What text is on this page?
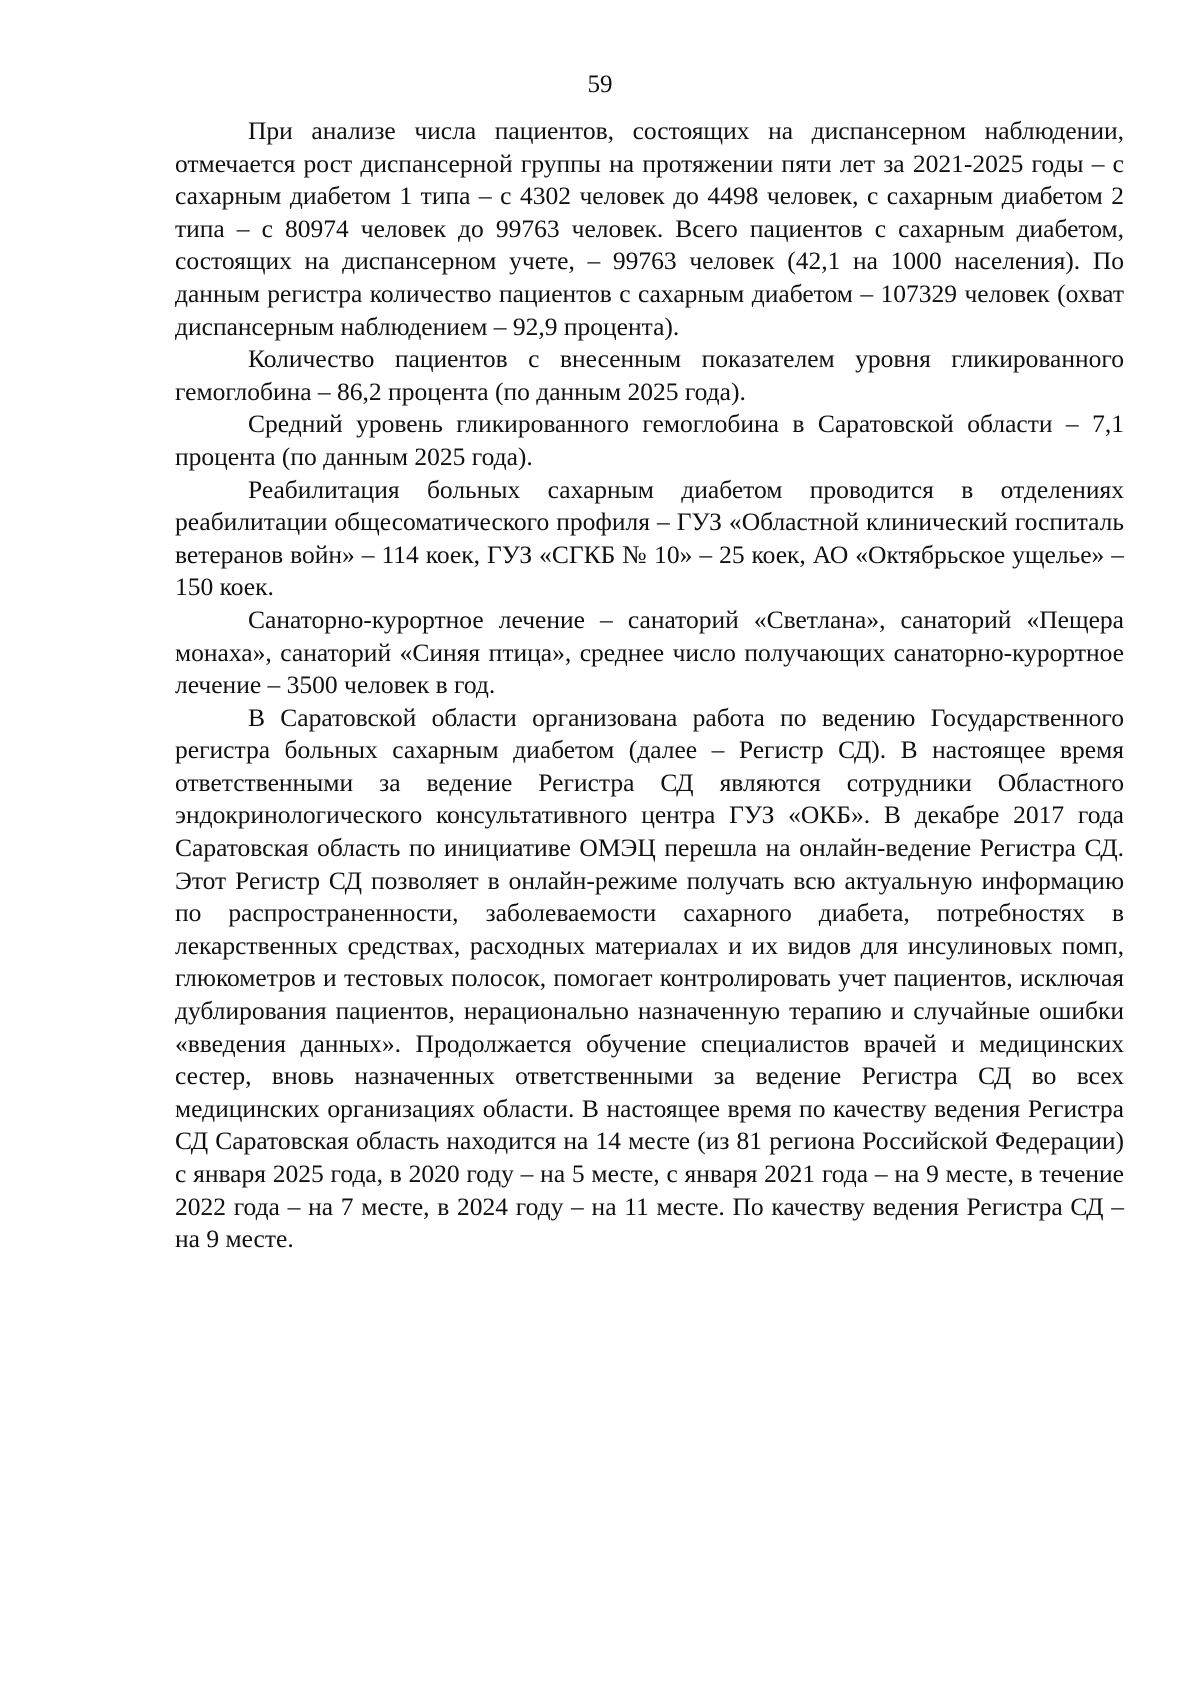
59

При анализе числа пациентов, состоящих на диспансерном наблюдении, отмечается рост диспансерной группы на протяжении пяти лет за 2021-2025 годы – с сахарным диабетом 1 типа – с 4302 человек до 4498 человек, с сахарным диабетом 2 типа – с 80974 человек до 99763 человек. Всего пациентов с сахарным диабетом, состоящих на диспансерном учете, – 99763 человек (42,1 на 1000 населения). По данным регистра количество пациентов с сахарным диабетом – 107329 человек (охват диспансерным наблюдением – 92,9 процента).

Количество пациентов с внесенным показателем уровня гликированного гемоглобина – 86,2 процента (по данным 2025 года).

Средний уровень гликированного гемоглобина в Саратовской области – 7,1 процента (по данным 2025 года).

Реабилитация больных сахарным диабетом проводится в отделениях реабилитации общесоматического профиля – ГУЗ «Областной клинический госпиталь ветеранов войн» – 114 коек, ГУЗ «СГКБ № 10» – 25 коек, АО «Октябрьское ущелье» – 150 коек.

Санаторно-курортное лечение – санаторий «Светлана», санаторий «Пещера монаха», санаторий «Синяя птица», среднее число получающих санаторно-курортное лечение – 3500 человек в год.

В Саратовской области организована работа по ведению Государственного регистра больных сахарным диабетом (далее – Регистр СД). В настоящее время ответственными за ведение Регистра СД являются сотрудники Областного эндокринологического консультативного центра ГУЗ «ОКБ». В декабре 2017 года Саратовская область по инициативе ОМЭЦ перешла на онлайн-ведение Регистра СД. Этот Регистр СД позволяет в онлайн-режиме получать всю актуальную информацию по распространенности, заболеваемости сахарного диабета, потребностях в лекарственных средствах, расходных материалах и их видов для инсулиновых помп, глюкометров и тестовых полосок, помогает контролировать учет пациентов, исключая дублирования пациентов, нерационально назначенную терапию и случайные ошибки «введения данных». Продолжается обучение специалистов врачей и медицинских сестер, вновь назначенных ответственными за ведение Регистра СД во всех медицинских организациях области. В настоящее время по качеству ведения Регистра СД Саратовская область находится на 14 месте (из 81 региона Российской Федерации) с января 2025 года, в 2020 году – на 5 месте, с января 2021 года – на 9 месте, в течение 2022 года – на 7 месте, в 2024 году – на 11 месте. По качеству ведения Регистра СД – на 9 месте.
